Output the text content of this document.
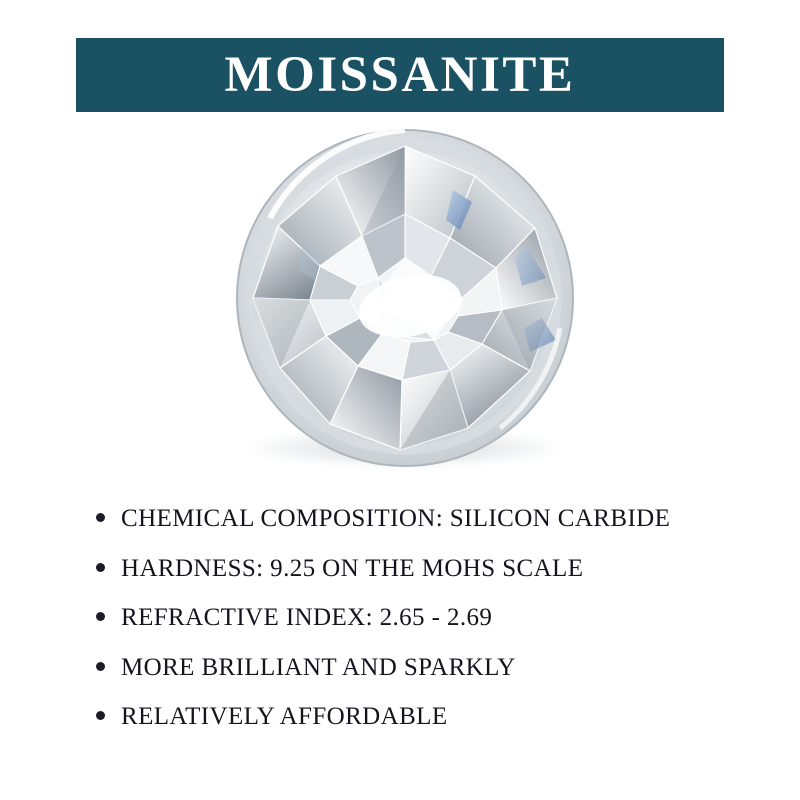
MOISSANITE
CHEMICAL COMPOSITION: SILICON CARBIDE
HARDNESS: 9.25 ON THE MOHS SCALE
REFRACTIVE INDEX: 2.65 - 2.69
MORE BRILLIANT AND SPARKLY
RELATIVELY AFFORDABLE
